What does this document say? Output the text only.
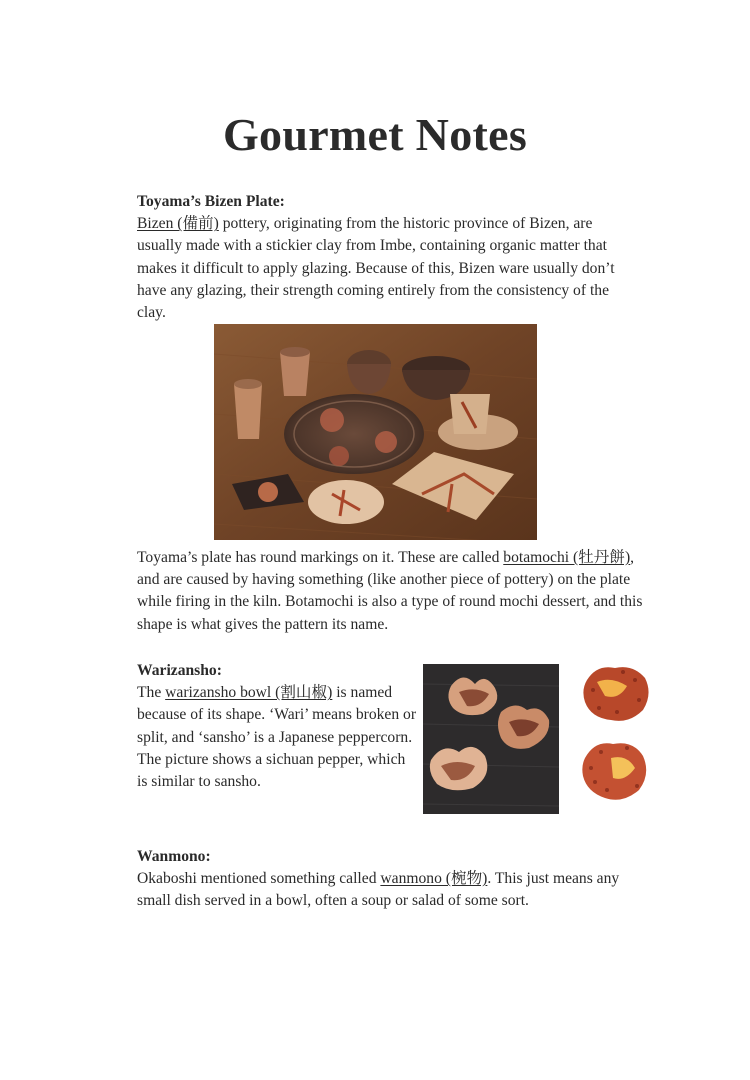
Gourmet Notes

Toyama’s Bizen Plate:

Bizen (備前) pottery, originating from the historic province of Bizen, are usually made with a stickier clay from Imbe, containing organic matter that makes it difficult to apply glazing. Because of this, Bizen ware usually don’t have any glazing, their strength coming entirely from the consistency of the clay.

Toyama’s plate has round markings on it. These are called botamochi (牡丹餅), and are caused by having something (like another piece of pottery) on the plate while firing in the kiln. Botamochi is also a type of round mochi dessert, and this shape is what gives the pattern its name.

Warizansho:

The warizansho bowl (割山椒) is named because of its shape. ‘Wari’ means broken or split, and ‘sansho’ is a Japanese peppercorn. The picture shows a sichuan pepper, which is similar to sansho.

Wanmono:

Okaboshi mentioned something called wanmono (椀物). This just means any small dish served in a bowl, often a soup or salad of some sort.
